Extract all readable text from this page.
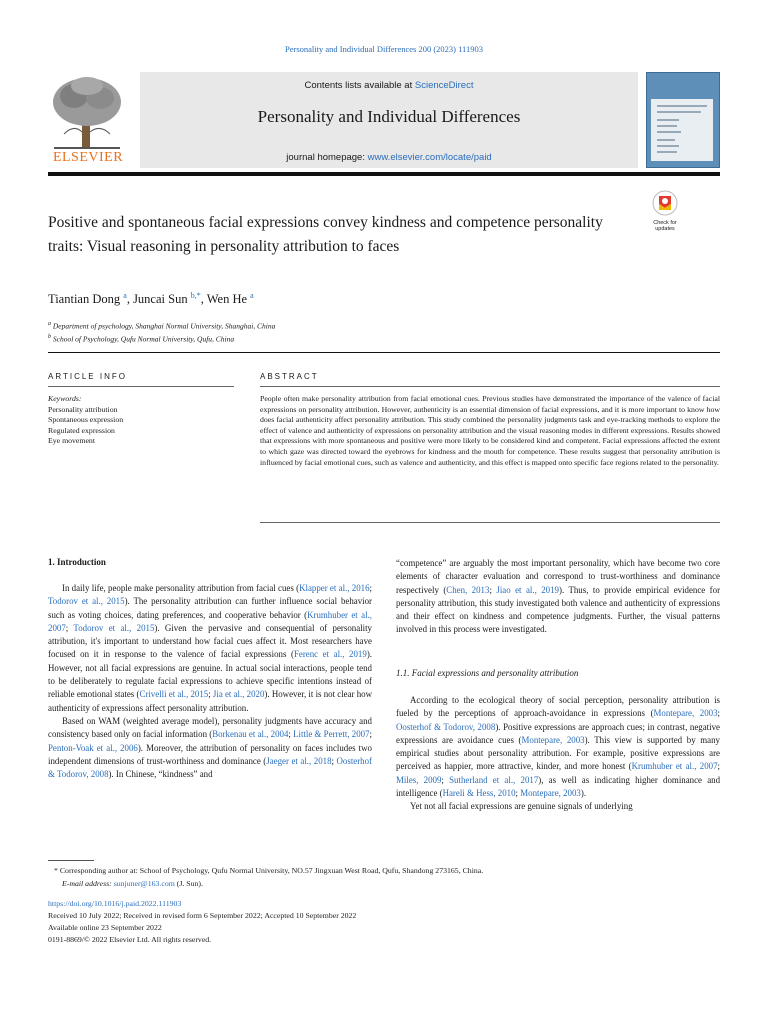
Personality and Individual Differences 200 (2023) 111903
ELSEVIER
Contents lists available at ScienceDirect
Personality and Individual Differences
journal homepage: www.elsevier.com/locate/paid
Check for updates
Positive and spontaneous facial expressions convey kindness and competence personality traits: Visual reasoning in personality attribution to faces
Tiantian Dong $^a$, Juncai Sun $^{b,*}$, Wen He $^a$
$^a$ Department of psychology, Shanghai Normal University, Shanghai, China
$^b$ School of Psychology, Qufu Normal University, Qufu, China
ARTICLE INFO
Keywords:
Personality attribution
Spontaneous expression
Regulated expression
Eye movement
ABSTRACT
People often make personality attribution from facial emotional cues. Previous studies have demonstrated the importance of the valence of facial expressions on personality attribution. However, authenticity is an essential dimension of facial expressions, and it is more important to know how does facial authenticity affect personality attribution. This study combined the personality judgments task and eye-tracking methods to explore the effect of valence and authenticity of expressions on personality attribution and the visual reasoning modes in different expressions. Results showed that expressions with more spontaneous and positive were more likely to be considered kind and competent. Facial expressions affected the extent to which gaze was directed toward the eyebrows for kindness and the mouth for competence. These results suggest that personality attribution is influenced by facial emotional cues, such as valence and authenticity, and this effect is mapped onto specific face regions related to the personality.
1. Introduction

In daily life, people make personality attribution from facial cues (Klapper et al., 2016; Todorov et al., 2015). The personality attribution can further influence social behavior such as voting choices, dating preferences, and cooperative behavior (Krumhuber et al., 2007; Todorov et al., 2015). Given the pervasive and consequential of personality attribution, it's important to understand how facial cues affect it. Most researchers have focused on it in response to the valence of facial expressions (Ferenc et al., 2019). However, not all facial expressions are genuine. In actual social interactions, people tend to be deliberately to regulate facial expressions to achieve specific intentions instead of reliable emotional states (Crivelli et al., 2015; Jia et al., 2020). However, it is not clear how authenticity of expressions affect personality attribution.

Based on WAM (weighted average model), personality judgments have accuracy and consistency based only on facial information (Borkenau et al., 2004; Little & Perrett, 2007; Penton-Voak et al., 2006). Moreover, the attribution of personality on faces includes two independent dimensions of trust-worthiness and dominance (Jaeger et al., 2018; Oosterhof & Todorov, 2008). In Chinese, “kindness” and

“competence” are arguably the most important personality, which have become two core elements of character evaluation and correspond to trust-worthiness and dominance respectively (Chen, 2013; Jiao et al., 2019). Thus, to provide empirical evidence for personality attribution, this study investigated both valence and authenticity of expressions and their effect on kindness and competence judgments. Further, the visual patterns involved in this process were investigated.

1.1. Facial expressions and personality attribution

According to the ecological theory of social perception, personality attribution is fueled by the perceptions of approach-avoidance in expressions (Montepare, 2003; Oosterhof & Todorov, 2008). Positive expressions are approach cues; in contrast, negative expressions are avoidance cues (Montepare, 2003). This view is supported by many empirical studies about personality attribution. For example, positive expressions are perceived as happier, more attractive, kinder, and more honest (Krumhuber et al., 2007; Miles, 2009; Sutherland et al., 2017), as well as indicating higher dominance and intelligence (Hareli & Hess, 2010; Montepare, 2003).

Yet not all facial expressions are genuine signals of underlying

* Corresponding author at: School of Psychology, Qufu Normal University, NO.57 Jingxuan West Road, Qufu, Shandong 273165, China.
E-mail address: sunjuner@163.com (J. Sun).
https://doi.org/10.1016/j.paid.2022.111903
Received 10 July 2022; Received in revised form 6 September 2022; Accepted 10 September 2022
Available online 23 September 2022
0191-8869/© 2022 Elsevier Ltd. All rights reserved.
